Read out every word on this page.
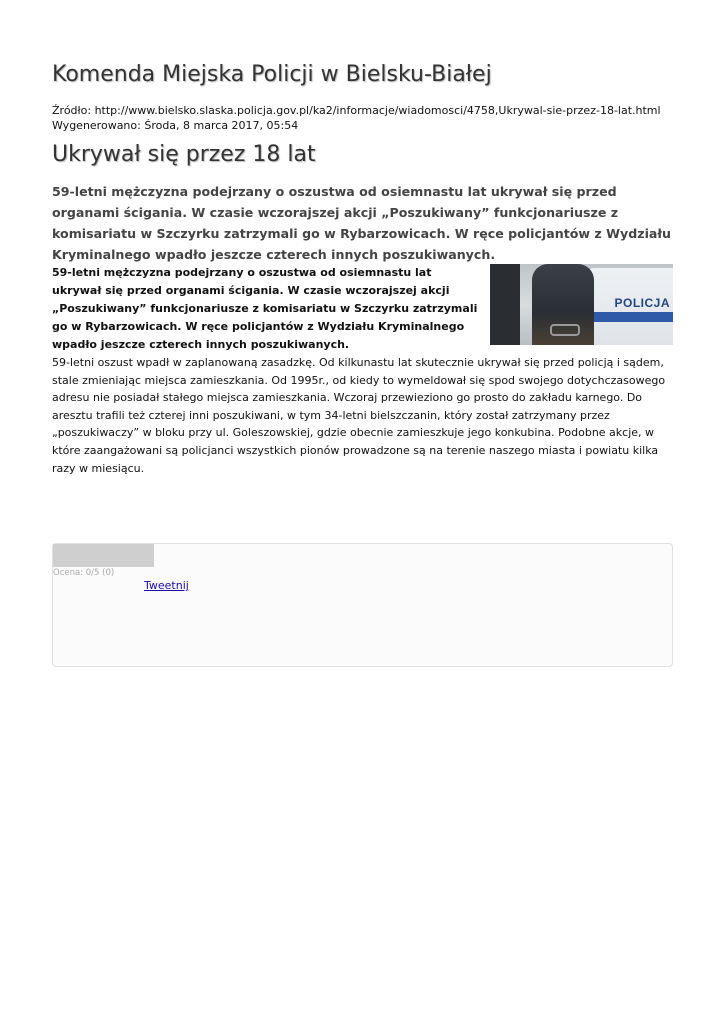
Komenda Miejska Policji w Bielsku-Białej
Źródło: http://www.bielsko.slaska.policja.gov.pl/ka2/informacje/wiadomosci/4758,Ukrywal-sie-przez-18-lat.html
Wygenerowano: Środa, 8 marca 2017, 05:54
Ukrywał się przez 18 lat
59-letni mężczyzna podejrzany o oszustwa od osiemnastu lat ukrywał się przed organami ścigania. W czasie wczorajszej akcji „Poszukiwany” funkcjonariusze z komisariatu w Szczyrku zatrzymali go w Rybarzowicach. W ręce policjantów z Wydziału Kryminalnego wpadło jeszcze czterech innych poszukiwanych.
POLICJA

59-letni mężczyzna podejrzany o oszustwa od osiemnastu lat ukrywał się przed organami ścigania. W czasie wczorajszej akcji „Poszukiwany” funkcjonariusze z komisariatu w Szczyrku zatrzymali go w Rybarzowicach. W ręce policjantów z Wydziału Kryminalnego wpadło jeszcze czterech innych poszukiwanych.

59-letni oszust wpadł w zaplanowaną zasadzkę. Od kilkunastu lat skutecznie ukrywał się przed policją i sądem, stale zmieniając miejsca zamieszkania. Od 1995r., od kiedy to wymeldował się spod swojego dotychczasowego adresu nie posiadał stałego miejsca zamieszkania. Wczoraj przewieziono go prosto do zakładu karnego. Do aresztu trafili też czterej inni poszukiwani, w tym 34-letni bielszczanin, który został zatrzymany przez „poszukiwaczy” w bloku przy ul. Goleszowskiej, gdzie obecnie zamieszkuje jego konkubina. Podobne akcje, w które zaangażowani są policjanci wszystkich pionów prowadzone są na terenie naszego miasta i powiatu kilka razy w miesiącu.

Ocena: 0/5 (0)
Tweetnij
